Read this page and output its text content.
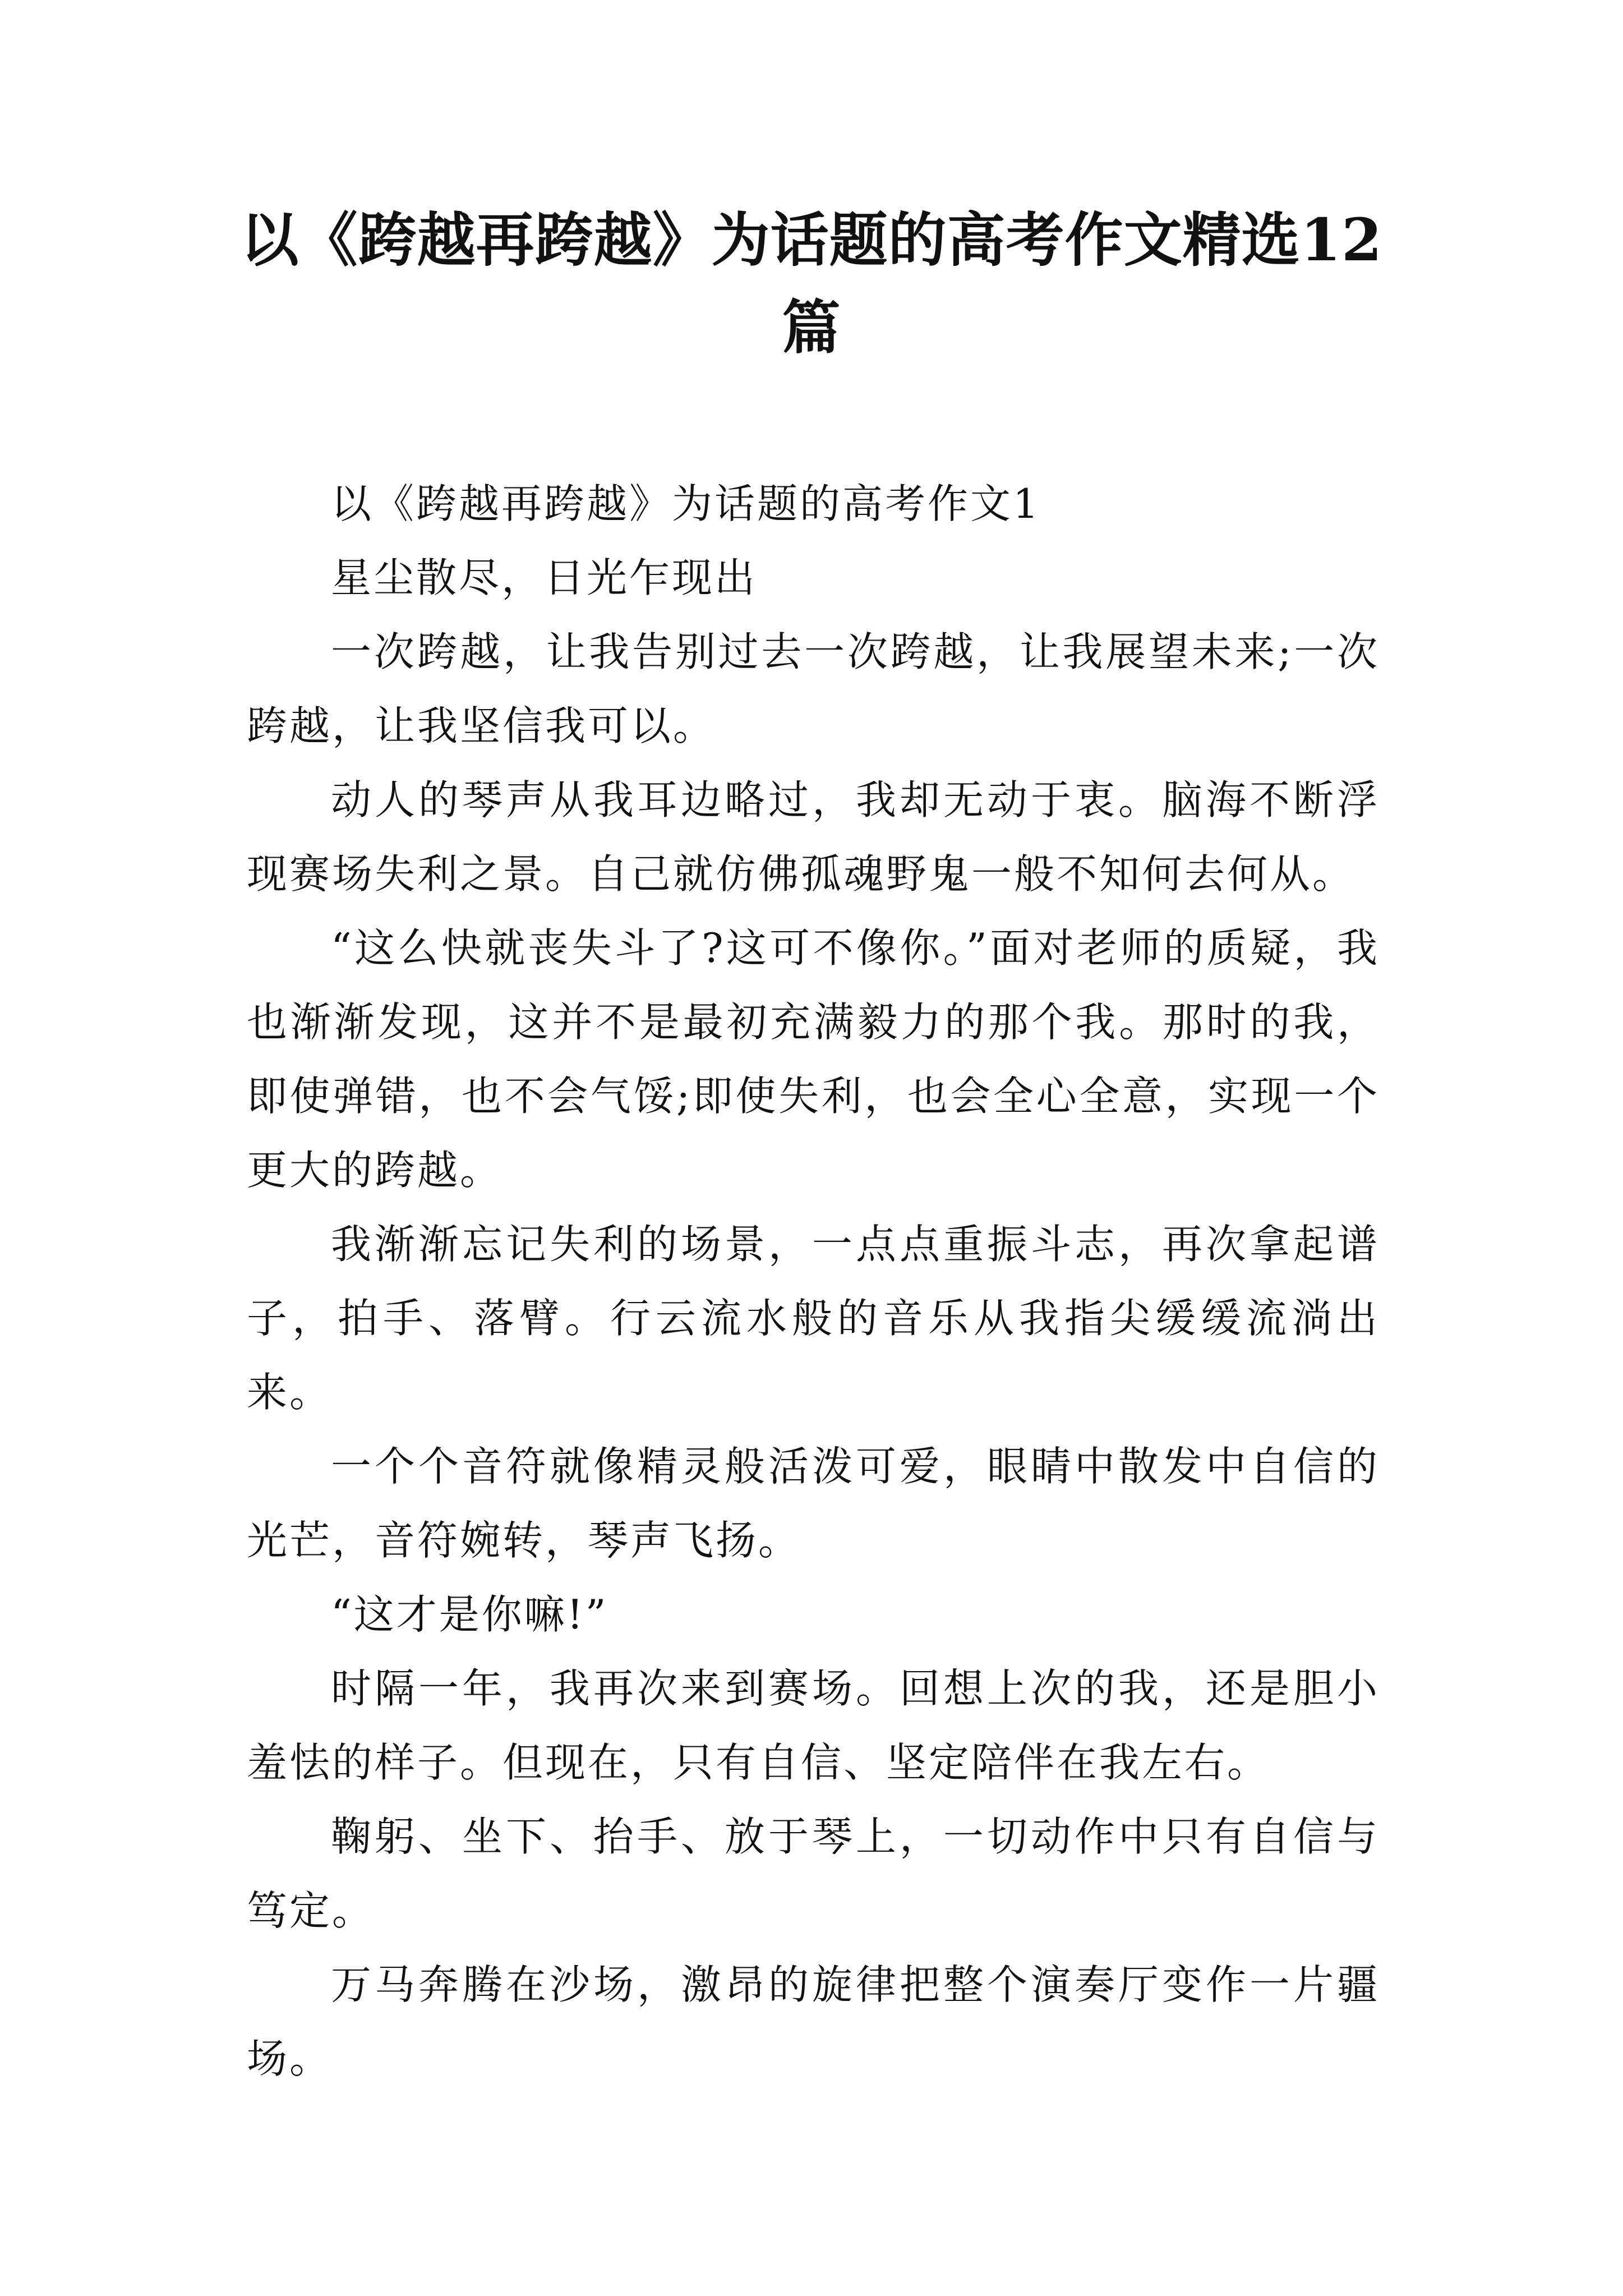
以《跨越再跨越》为话题的高考作文精选12篇

以《跨越再跨越》为话题的高考作文1

星尘散尽，日光乍现出

一次跨越，让我告别过去一次跨越，让我展望未来;一次跨越，让我坚信我可以。

动人的琴声从我耳边略过，我却无动于衷。脑海不断浮现赛场失利之景。自己就仿佛孤魂野鬼一般不知何去何从。

“这么快就丧失斗了?这可不像你。”面对老师的质疑，我也渐渐发现，这并不是最初充满毅力的那个我。那时的我，即使弹错，也不会气馁;即使失利，也会全心全意，实现一个更大的跨越。

我渐渐忘记失利的场景，一点点重振斗志，再次拿起谱子，拍手、落臂。行云流水般的音乐从我指尖缓缓流淌出来。

一个个音符就像精灵般活泼可爱，眼睛中散发中自信的光芒，音符婉转，琴声飞扬。

“这才是你嘛!”

时隔一年，我再次来到赛场。回想上次的我，还是胆小羞怯的样子。但现在，只有自信、坚定陪伴在我左右。

鞠躬、坐下、抬手、放于琴上，一切动作中只有自信与笃定。

万马奔腾在沙场，激昂的旋律把整个演奏厅变作一片疆场。
